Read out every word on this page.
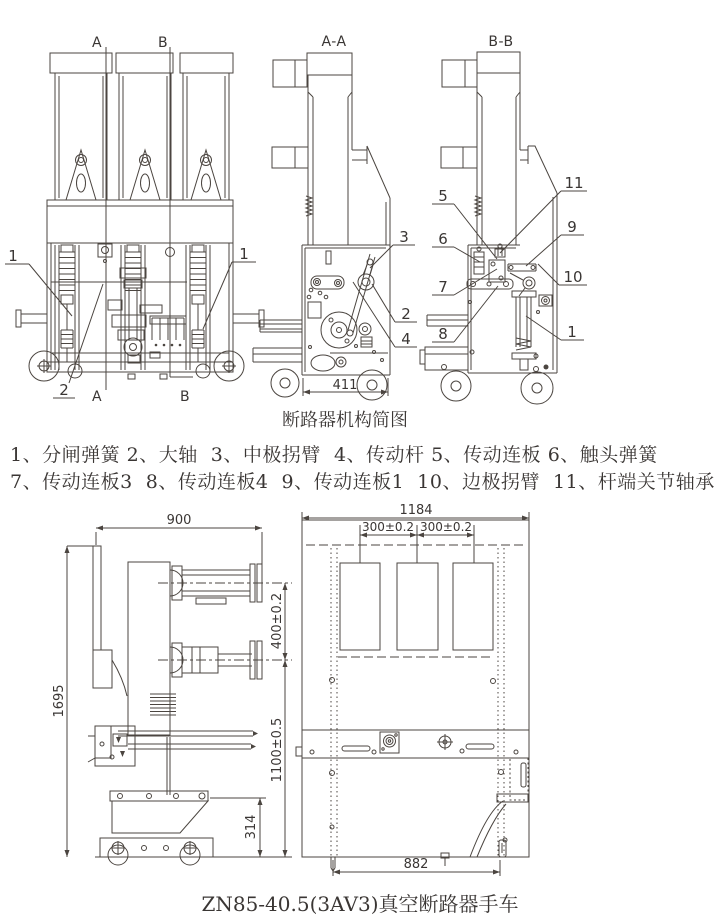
A	B
A	B
A-A	B-B
1	1
2
3
2
4
411
11
5
6
9
7
10
8	1
900
1695
400±0.2
1100±0.5
314
1184
300±0.2 300±0.2
882
断路器机构简图
1、分闸弹簧 2、大轴  3、中极拐臂  4、传动杆 5、传动连板 6、触头弹簧
7、传动连板3  8、传动连板4  9、传动连板1  10、边极拐臂  11、杆端关节轴承
ZN85-40.5(3AV3)真空断路器手车
